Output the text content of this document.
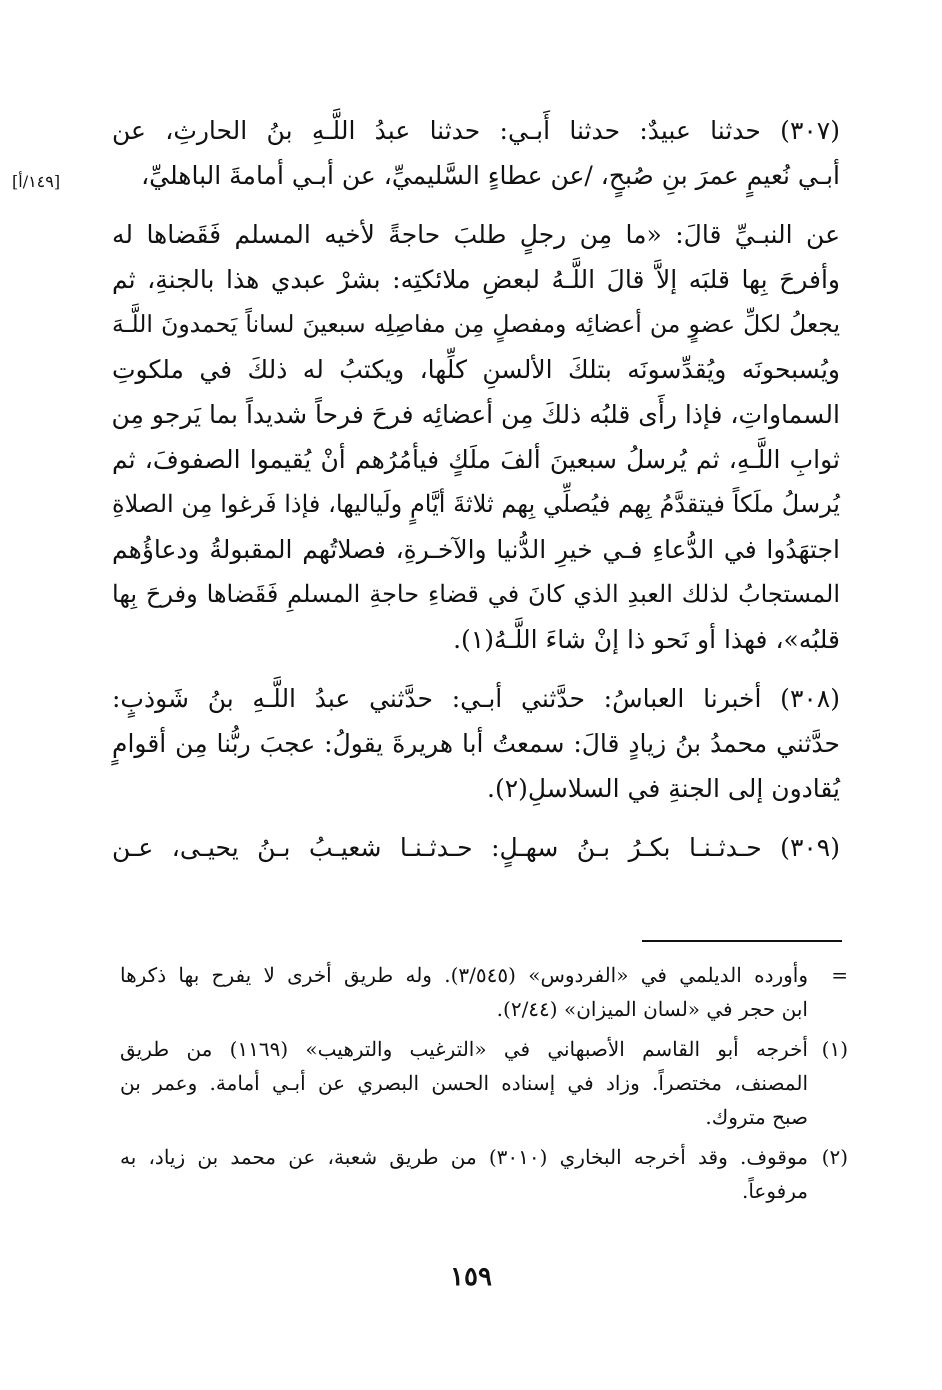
(٣٠٧) حدثنا عبيدٌ: حدثنا أَبـي: حدثنا عبدُ اللَّـهِ بنُ الحارثِ، عن
أبـي نُعيمٍ عمرَ بنِ صُبحٍ، /عن عطاءٍ السَّليميِّ، عن أبـي أمامةَ الباهليِّ،
عن النبـيِّ قالَ: «ما مِن رجلٍ طلبَ حاجةً لأخيه المسلم فَقَضاها له
وأفرحَ بِها قلبَه إلاَّ قالَ اللَّـهُ لبعضِ ملائكتِه: بشرْ عبدي هذا بالجنةِ، ثم
يجعلُ لكلِّ عضوٍ من أعضائِه ومفصلٍ مِن مفاصِلِه سبعينَ لساناً يَحمدونَ اللَّـهَ
ويُسبحونَه ويُقدِّسونَه بتلكَ الألسنِ كلِّها، ويكتبُ له ذلكَ في ملكوتِ
السماواتِ، فإذا رأَى قلبُه ذلكَ مِن أعضائِه فرحَ فرحاً شديداً بما يَرجو مِن
ثوابِ اللَّـهِ، ثم يُرسلُ سبعينَ ألفَ ملَكٍ فيأمُرُهم أنْ يُقيموا الصفوفَ، ثم
يُرسلُ ملَكاً فيتقدَّمُ بِهم فيُصلِّي بِهم ثلاثةَ أيَّامٍ ولَياليها، فإذا فَرغوا مِن الصلاةِ
اجتهَدُوا في الدُّعاءِ فـي خيرِ الدُّنيا والآخـرةِ، فصلاتُهم المقبولةُ ودعاؤُهم
المستجابُ لذلك العبدِ الذي كانَ في قضاءِ حاجةِ المسلمِ فَقَضاها وفرحَ بِها
قلبُه»، فهذا أو نَحو ذا إنْ شاءَ اللَّـهُ(١).
(٣٠٨) أخبرنا العباسُ: حدَّثني أبـي: حدَّثني عبدُ اللَّـهِ بنُ شَوذبٍ:
حدَّثني محمدُ بنُ زيادٍ قالَ: سمعتُ أبا هريرةَ يقولُ: عجبَ ربُّنا مِن أقوامٍ
يُقادون إلى الجنةِ في السلاسلِ(٢).
(٣٠٩) حـدثـنـا بكـرُ بـنُ سهـلٍ: حـدثـنـا شعيـبُ بـنُ يحيـى، عـن
[١٤٩/أ]
=
وأورده الديلمي في «الفردوس» (٣/٥٤٥). وله طريق أخرى لا يفرح بها ذكرها
ابن حجر في «لسان الميزان» (٢/٤٤).
(١)
أخرجه أبو القاسم الأصبهاني في «الترغيب والترهيب» (١١٦٩) من طريق
المصنف، مختصراً. وزاد في إسناده الحسن البصري عن أبـي أمامة. وعمر بن
صبح متروك.
(٢)
موقوف. وقد أخرجه البخاري (٣٠١٠) من طريق شعبة، عن محمد بن زياد، به
مرفوعاً.
١٥٩
